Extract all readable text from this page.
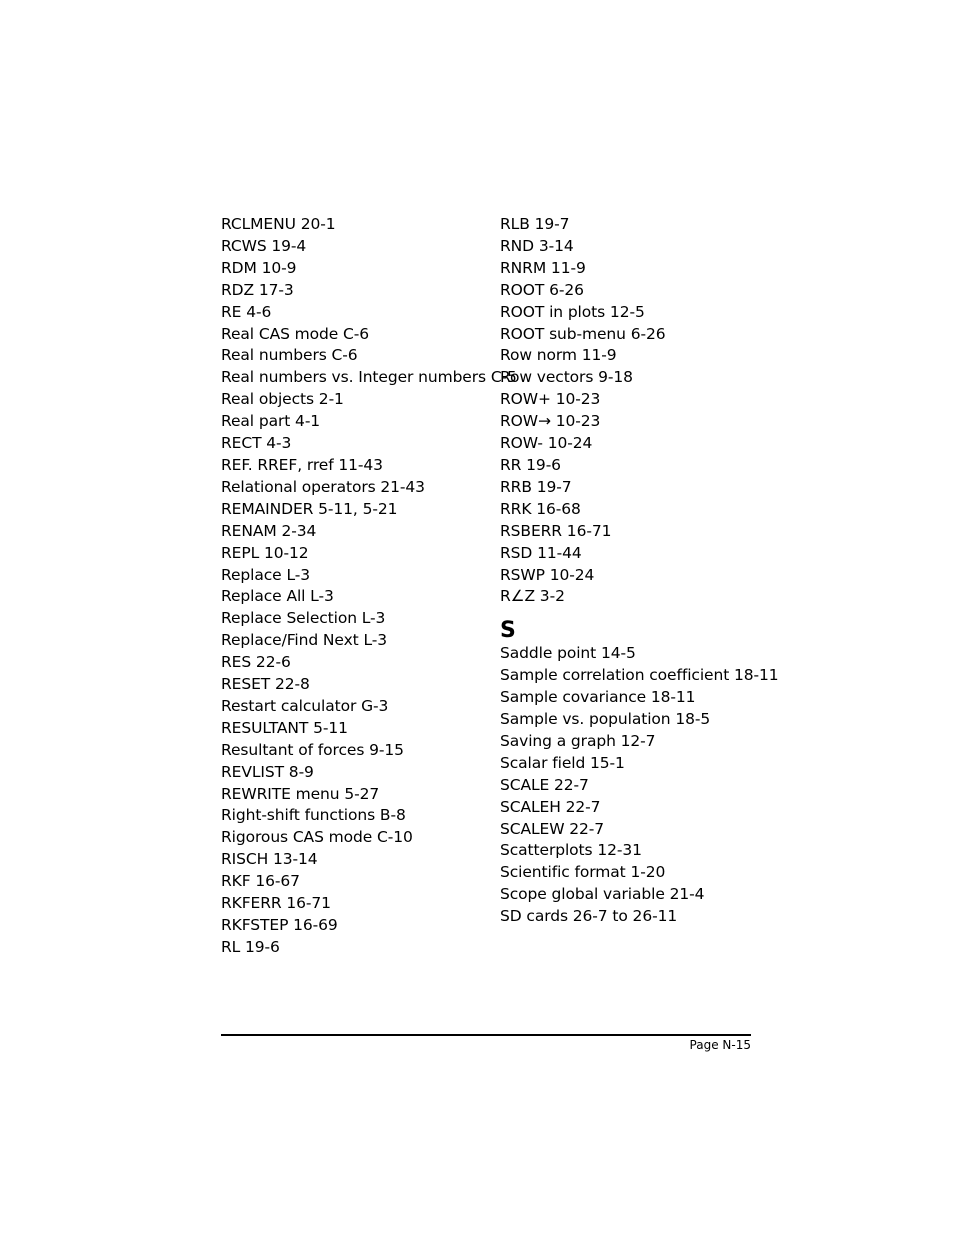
RCLMENU 20-1
RCWS 19-4
RDM 10-9
RDZ 17-3
RE 4-6
Real CAS mode C-6
Real numbers C-6
Real numbers vs. Integer numbers C-5
Real objects 2-1
Real part 4-1
RECT 4-3
REF. RREF, rref 11-43
Relational operators 21-43
REMAINDER 5-11, 5-21
RENAM 2-34
REPL 10-12
Replace L-3
Replace All L-3
Replace Selection L-3
Replace/Find Next L-3
RES 22-6
RESET 22-8
Restart calculator G-3
RESULTANT 5-11
Resultant of forces 9-15
REVLIST 8-9
REWRITE menu 5-27
Right-shift functions B-8
Rigorous CAS mode C-10
RISCH 13-14
RKF 16-67
RKFERR 16-71
RKFSTEP 16-69
RL 19-6
RLB 19-7
RND 3-14
RNRM 11-9
ROOT 6-26
ROOT in plots 12-5
ROOT sub-menu 6-26
Row norm 11-9
Row vectors 9-18
ROW+ 10-23
ROW→ 10-23
ROW- 10-24
RR 19-6
RRB 19-7
RRK 16-68
RSBERR 16-71
RSD 11-44
RSWP 10-24
R∠Z 3-2
S
Saddle point 14-5
Sample correlation coefficient 18-11
Sample covariance 18-11
Sample vs. population 18-5
Saving a graph 12-7
Scalar field 15-1
SCALE 22-7
SCALEH 22-7
SCALEW 22-7
Scatterplots 12-31
Scientific format 1-20
Scope global variable 21-4
SD cards 26-7 to 26-11
Page N-15
